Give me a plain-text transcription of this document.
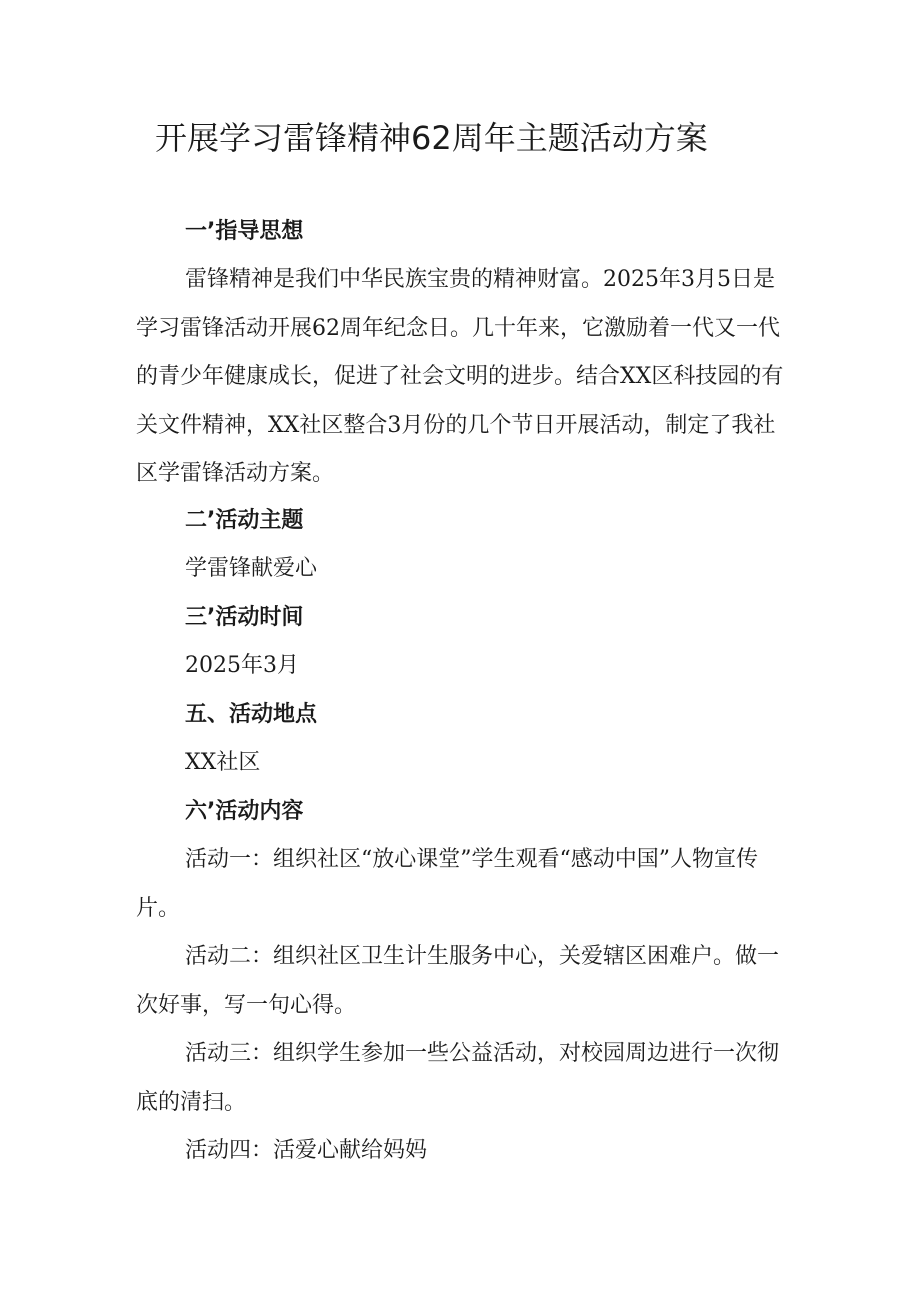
开展学习雷锋精神62周年主题活动方案
一’指导思想

雷锋精神是我们中华民族宝贵的精神财富。2025年3月5日是学习雷锋活动开展62周年纪念日。几十年来，它激励着一代又一代的青少年健康成长，促进了社会文明的进步。结合XX区科技园的有关文件精神，XX社区整合3月份的几个节日开展活动，制定了我社区学雷锋活动方案。

二’活动主题

学雷锋献爱心

三’活动时间

2025年3月

五、活动地点

XX社区

六’活动内容

活动一：组织社区“放心课堂”学生观看“感动中国”人物宣传片。

活动二：组织社区卫生计生服务中心，关爱辖区困难户。做一次好事，写一句心得。

活动三：组织学生参加一些公益活动，对校园周边进行一次彻底的清扫。

活动四：活爱心献给妈妈
